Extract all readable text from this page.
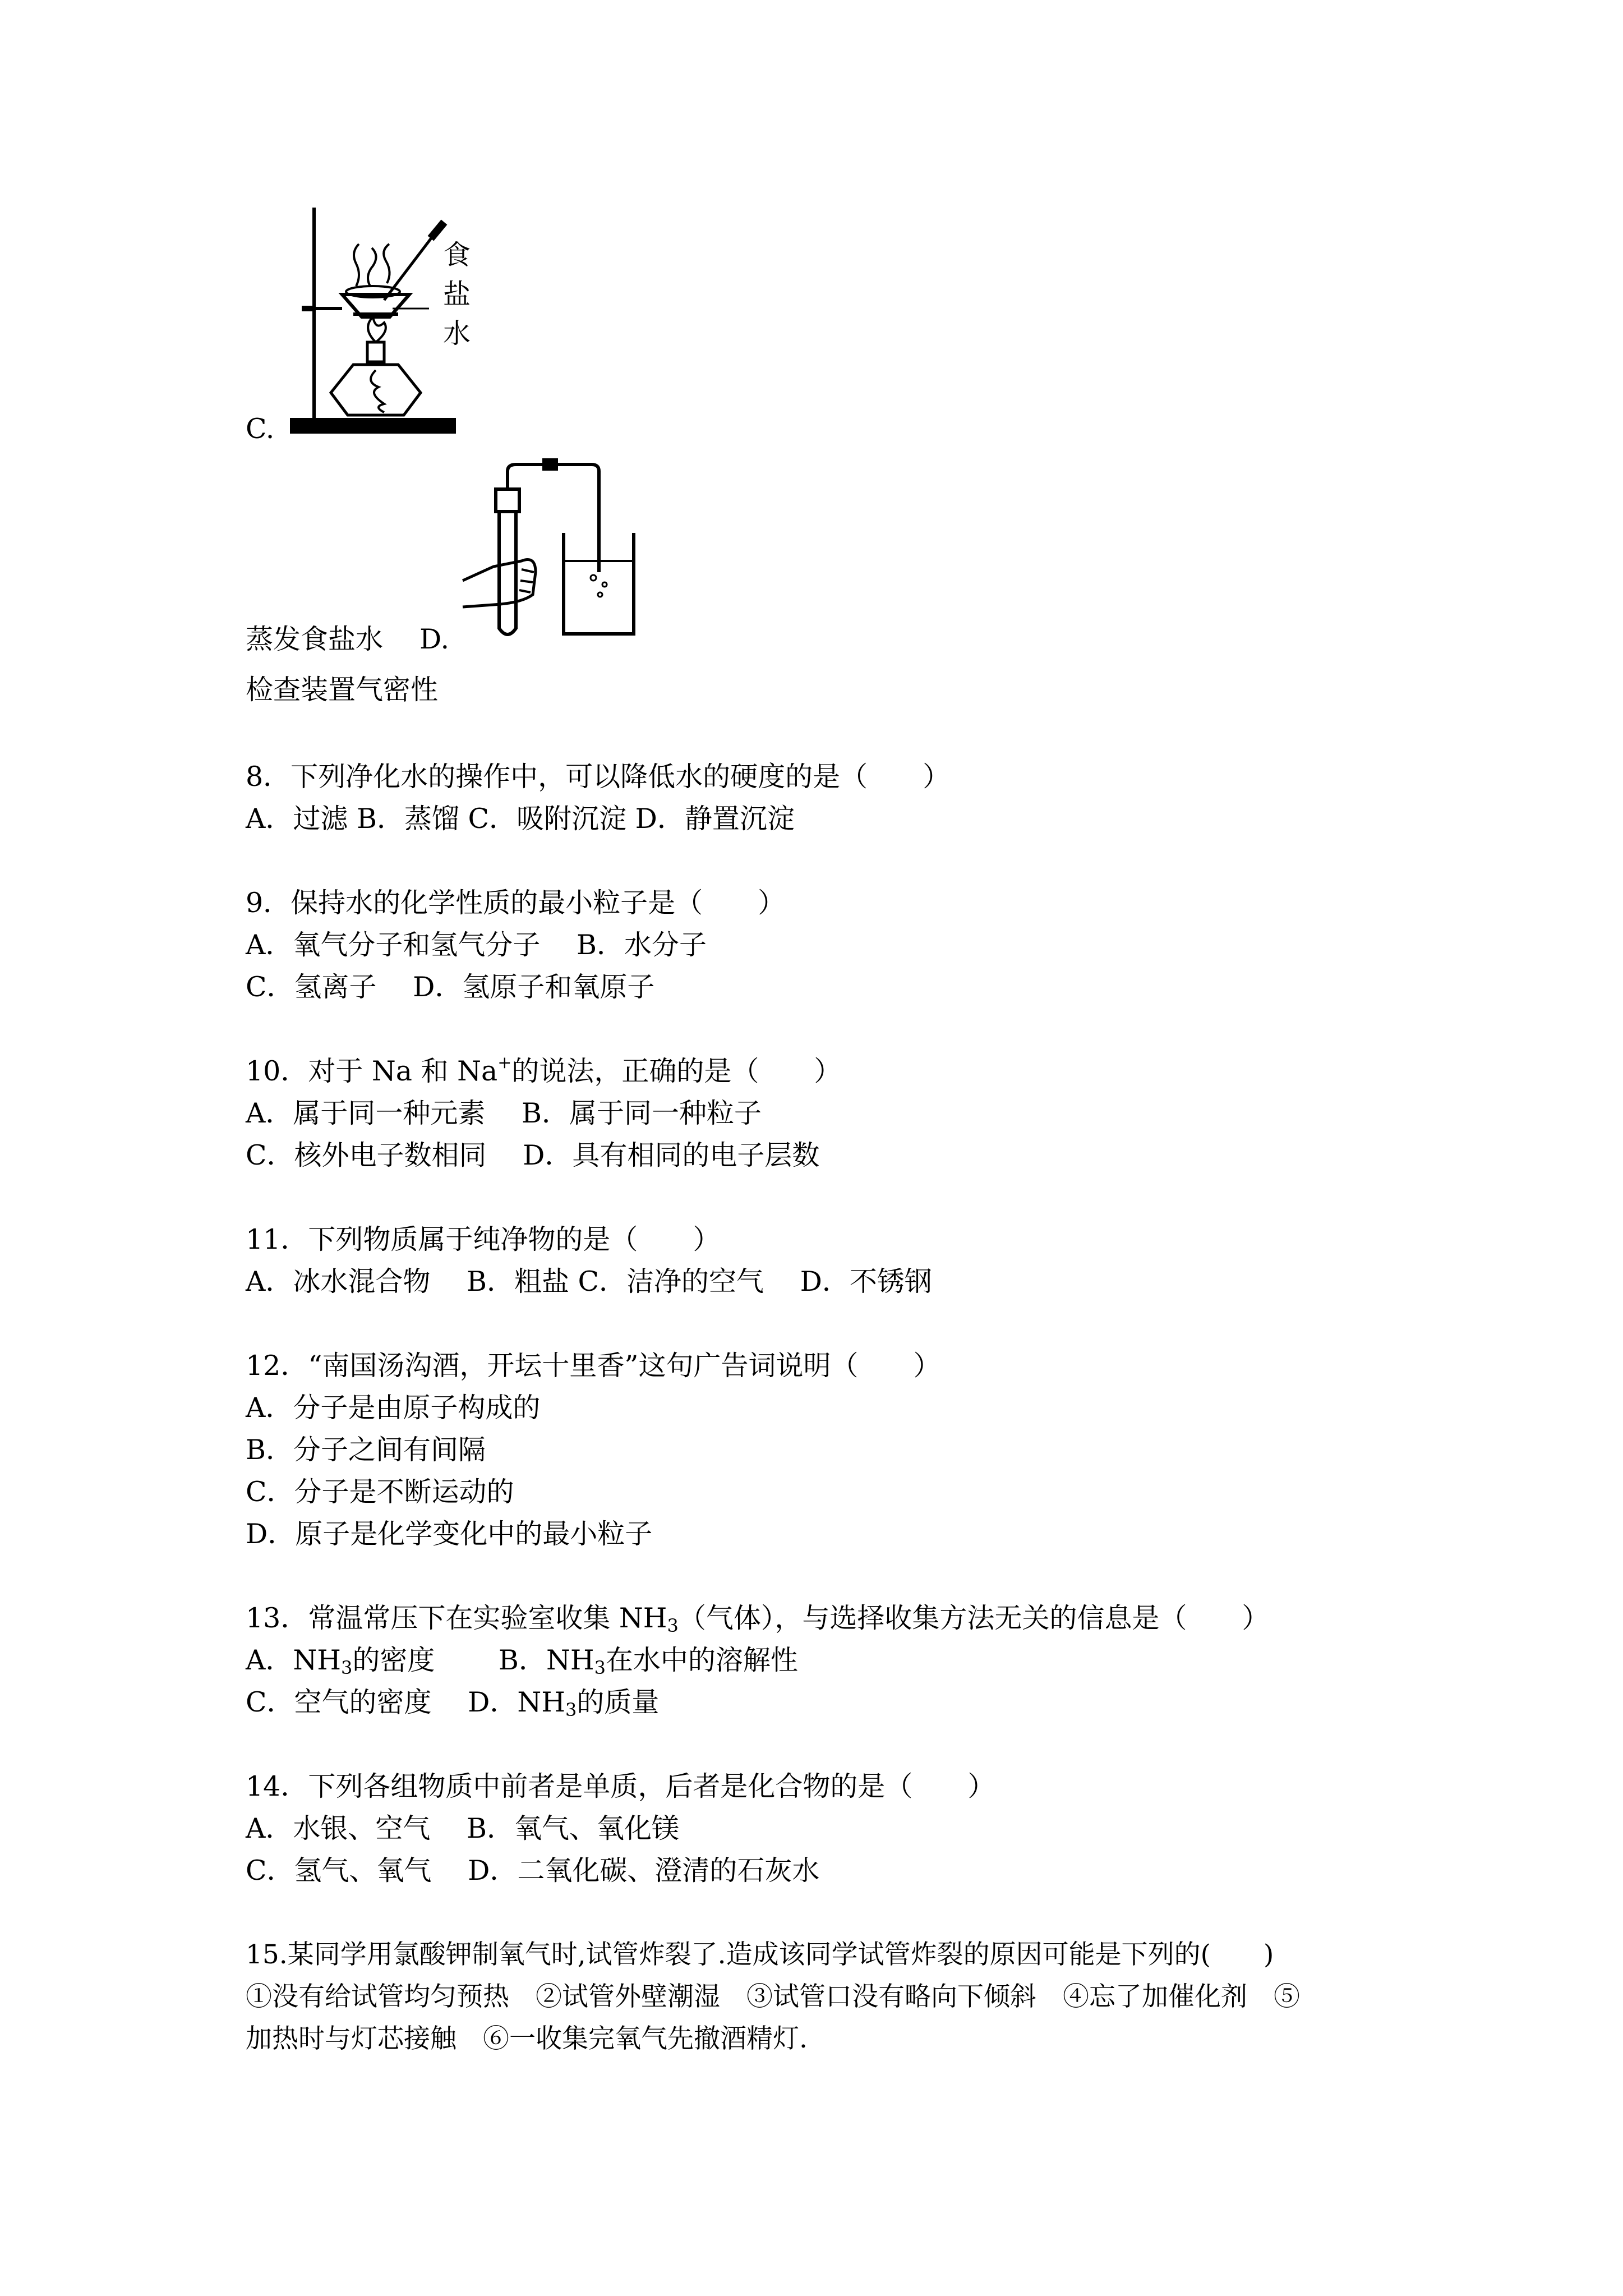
食
盐
水
C.
蒸发食盐水 D.
检查装置气密性
8．下列净化水的操作中，可以降低水的硬度的是（　　）
A．过滤 B．蒸馏 C．吸附沉淀 D．静置沉淀
9．保持水的化学性质的最小粒子是（　　）
A．氧气分子和氢气分子　 B．水分子
C．氢离子　 D．氢原子和氧原子
10．对于 Na 和 Na+的说法，正确的是（　　）
A．属于同一种元素　 B．属于同一种粒子
C．核外电子数相同　 D．具有相同的电子层数
11．下列物质属于纯净物的是（　　）
A．冰水混合物　 B．粗盐 C．洁净的空气　 D．不锈钢
12．“南国汤沟酒，开坛十里香”这句广告词说明（　　）
A．分子是由原子构成的
B．分子之间有间隔
C．分子是不断运动的
D．原子是化学变化中的最小粒子
13．常温常压下在实验室收集 $NH_3$（气体），与选择收集方法无关的信息是（　　）
A．$NH_3$的密度　　 B．$NH_3$在水中的溶解性
C．空气的密度　 D．$NH_3$的质量
14．下列各组物质中前者是单质，后者是化合物的是（　　）
A．水银、空气　 B．氧气、氧化镁
C．氢气、氧气　 D．二氧化碳、澄清的石灰水
15.某同学用氯酸钾制氧气时,试管炸裂了.造成该同学试管炸裂的原因可能是下列的(　　)
①没有给试管均匀预热　②试管外壁潮湿　③试管口没有略向下倾斜　④忘了加催化剂　⑤
加热时与灯芯接触　⑥一收集完氧气先撤酒精灯.
